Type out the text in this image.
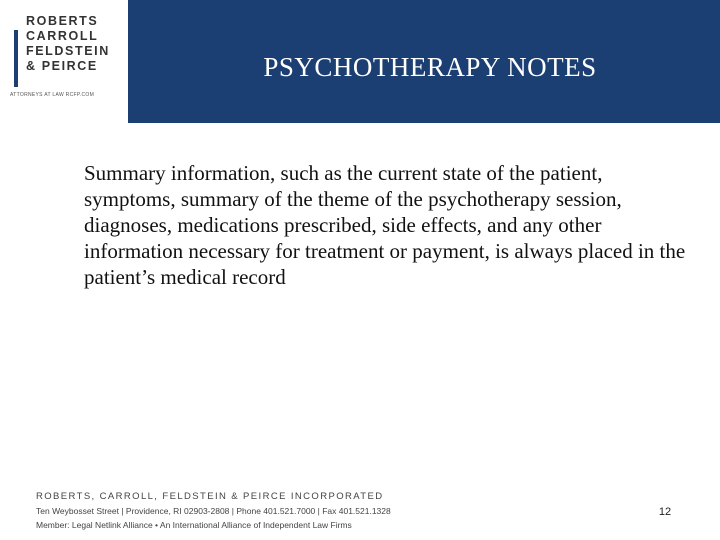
ROBERTS
CARROLL
FELDSTEIN
& PEIRCE
ATTORNEYS AT LAW RCFP.COM
PSYCHOTHERAPY NOTES
Summary information, such as the current state of the patient, symptoms, summary of the theme of the psychotherapy session, diagnoses, medications prescribed, side effects, and any other information necessary for treatment or payment, is always placed in the patient’s medical record
ROBERTS, CARROLL, FELDSTEIN & PEIRCE INCORPORATED
Ten Weybosset Street | Providence, RI 02903-2808 | Phone 401.521.7000 | Fax 401.521.1328
Member: Legal Netlink Alliance • An International Alliance of Independent Law Firms
12
